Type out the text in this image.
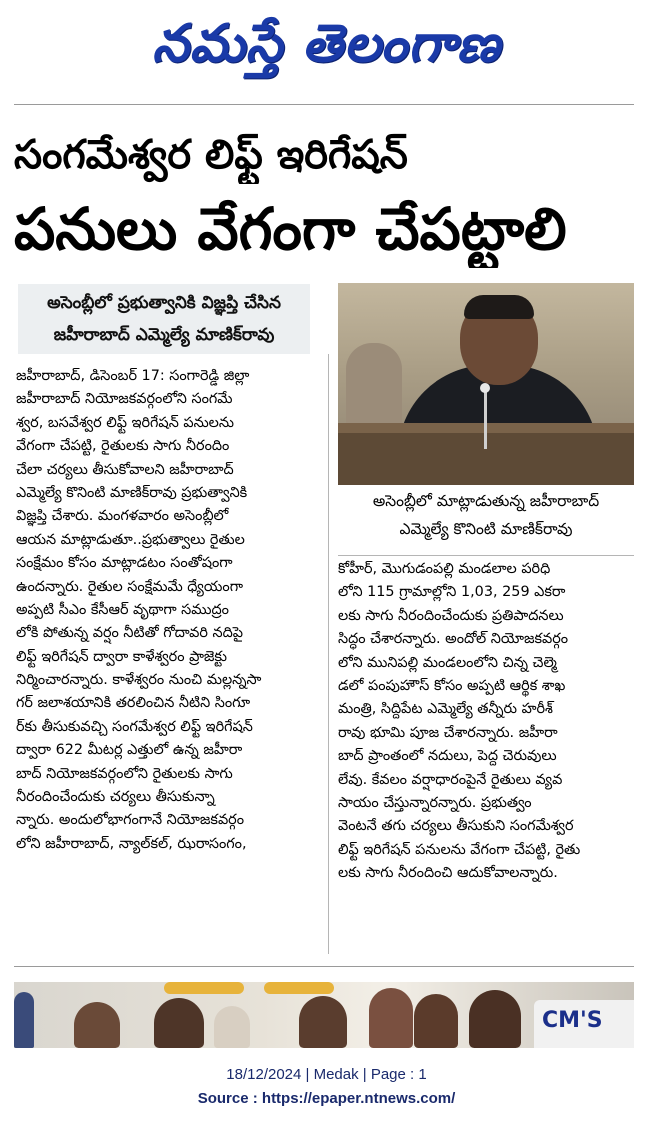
నమస్తే తెలంగాణ
సంగమేశ్వర లిఫ్ట్ ఇరిగేషన్
పనులు వేగంగా చేపట్టాలి
అసెంబ్లీలో ప్రభుత్వానికి విజ్ఞప్తి చేసిన
జహీరాబాద్ ఎమ్మెల్యే మాణిక్‌రావు
అసెంబ్లీలో మాట్లాడుతున్న జహీరాబాద్
ఎమ్మెల్యే కొనింటి మాణిక్‌రావు
జహీరాబాద్, డిసెంబర్ 17: సంగారెడ్డి జిల్లా
జహీరాబాద్ నియోజకవర్గంలోని సంగమే
శ్వర, బసవేశ్వర లిఫ్ట్ ఇరిగేషన్ పనులను
వేగంగా చేపట్టి, రైతులకు సాగు నీరందిం
చేలా చర్యలు తీసుకోవాలని జహీరాబాద్
ఎమ్మెల్యే కొనింటి మాణిక్‌రావు ప్రభుత్వానికి
విజ్ఞప్తి చేశారు. మంగళవారం అసెంబ్లీలో
ఆయన మాట్లాడుతూ..ప్రభుత్వాలు రైతుల
సంక్షేమం కోసం మాట్లాడటం సంతోషంగా
ఉందన్నారు. రైతుల సంక్షేమమే ధ్యేయంగా
అప్పటి సీఎం కేసీఆర్ వృథాగా సముద్రం
లోకి పోతున్న వర్షం నీటితో గోదావరి నదిపై
లిఫ్ట్ ఇరిగేషన్ ద్వారా కాళేశ్వరం ప్రాజెక్టు
నిర్మించారన్నారు. కాళేశ్వరం నుంచి మల్లన్నసా
గర్ జలాశయానికి తరలించిన నీటిని సింగూ
ర్‌కు తీసుకువచ్చి సంగమేశ్వర లిఫ్ట్ ఇరిగేషన్
ద్వారా 622 మీటర్ల ఎత్తులో ఉన్న జహీరా
బాద్ నియోజకవర్గంలోని రైతులకు సాగు
నీరందించేందుకు చర్యలు తీసుకున్నా
న్నారు. అందులోభాగంగానే నియోజకవర్గం
లోని జహీరాబాద్, న్యాల్‌కల్, ఝరాసంగం,
కోహీర్, మొగుడంపల్లి మండలాల పరిధి
లోని 115 గ్రామాల్లోని 1,03, 259 ఎకరా
లకు సాగు నీరందించేందుకు ప్రతిపాదనలు
సిద్ధం చేశారన్నారు. అందోల్ నియోజకవర్గం
లోని మునిపల్లి మండలంలోని చిన్న చెల్మె
డలో పంపుహౌస్ కోసం అప్పటి ఆర్థిక శాఖ
మంత్రి, సిద్దిపేట ఎమ్మెల్యే తన్నీరు హరీశ్
రావు భూమి పూజ చేశారన్నారు. జహీరా
బాద్ ప్రాంతంలో నదులు, పెద్ద చెరువులు
లేవు. కేవలం వర్షాధారంపైనే రైతులు వ్యవ
సాయం చేస్తున్నారన్నారు. ప్రభుత్వం
వెంటనే తగు చర్యలు తీసుకుని సంగమేశ్వర
లిఫ్ట్ ఇరిగేషన్ పనులను వేగంగా చేపట్టి, రైతు
లకు సాగు నీరందించి ఆదుకోవాలన్నారు.
CM'S
18/12/2024 | Medak | Page : 1
Source : https://epaper.ntnews.com/
